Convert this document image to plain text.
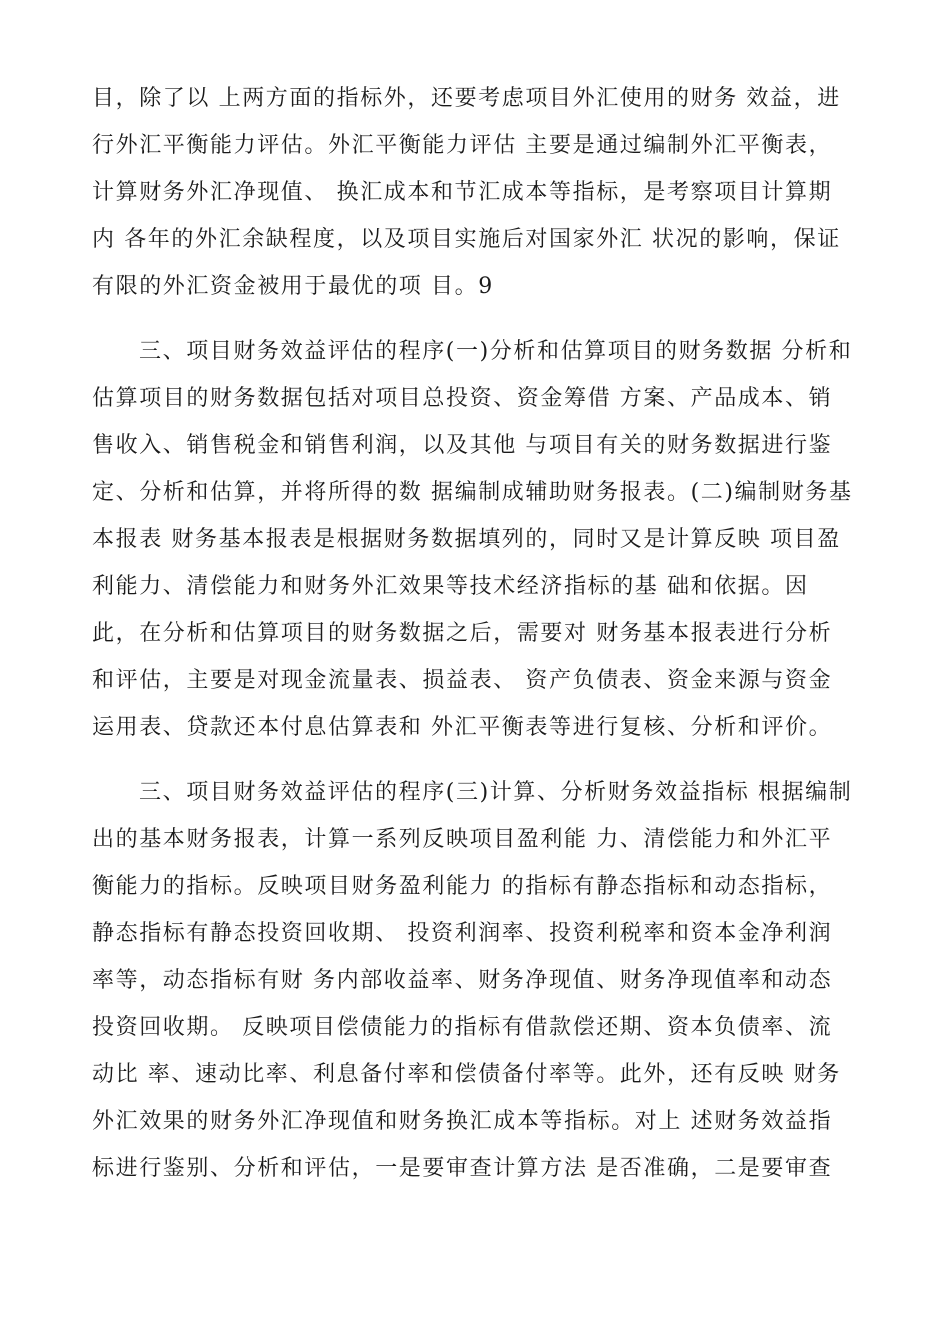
目，除了以 上两方面的指标外，还要考虑项目外汇使用的财务 效益，进
行外汇平衡能力评估。外汇平衡能力评估 主要是通过编制外汇平衡表，
计算财务外汇净现值、 换汇成本和节汇成本等指标，是考察项目计算期
内 各年的外汇余缺程度，以及项目实施后对国家外汇 状况的影响，保证
有限的外汇资金被用于最优的项 目。9
三、项目财务效益评估的程序(一)分析和估算项目的财务数据 分析和
估算项目的财务数据包括对项目总投资、资金筹借 方案、产品成本、销
售收入、销售税金和销售利润，以及其他 与项目有关的财务数据进行鉴
定、分析和估算，并将所得的数 据编制成辅助财务报表。(二)编制财务基
本报表 财务基本报表是根据财务数据填列的，同时又是计算反映 项目盈
利能力、清偿能力和财务外汇效果等技术经济指标的基 础和依据。因
此，在分析和估算项目的财务数据之后，需要对 财务基本报表进行分析
和评估，主要是对现金流量表、损益表、 资产负债表、资金来源与资金
运用表、贷款还本付息估算表和 外汇平衡表等进行复核、分析和评价。
三、项目财务效益评估的程序(三)计算、分析财务效益指标 根据编制
出的基本财务报表，计算一系列反映项目盈利能 力、清偿能力和外汇平
衡能力的指标。反映项目财务盈利能力 的指标有静态指标和动态指标，
静态指标有静态投资回收期、 投资利润率、投资利税率和资本金净利润
率等，动态指标有财 务内部收益率、财务净现值、财务净现值率和动态
投资回收期。 反映项目偿债能力的指标有借款偿还期、资本负债率、流
动比 率、速动比率、利息备付率和偿债备付率等。此外，还有反映 财务
外汇效果的财务外汇净现值和财务换汇成本等指标。对上 述财务效益指
标进行鉴别、分析和评估，一是要审查计算方法 是否准确，二是要审查
